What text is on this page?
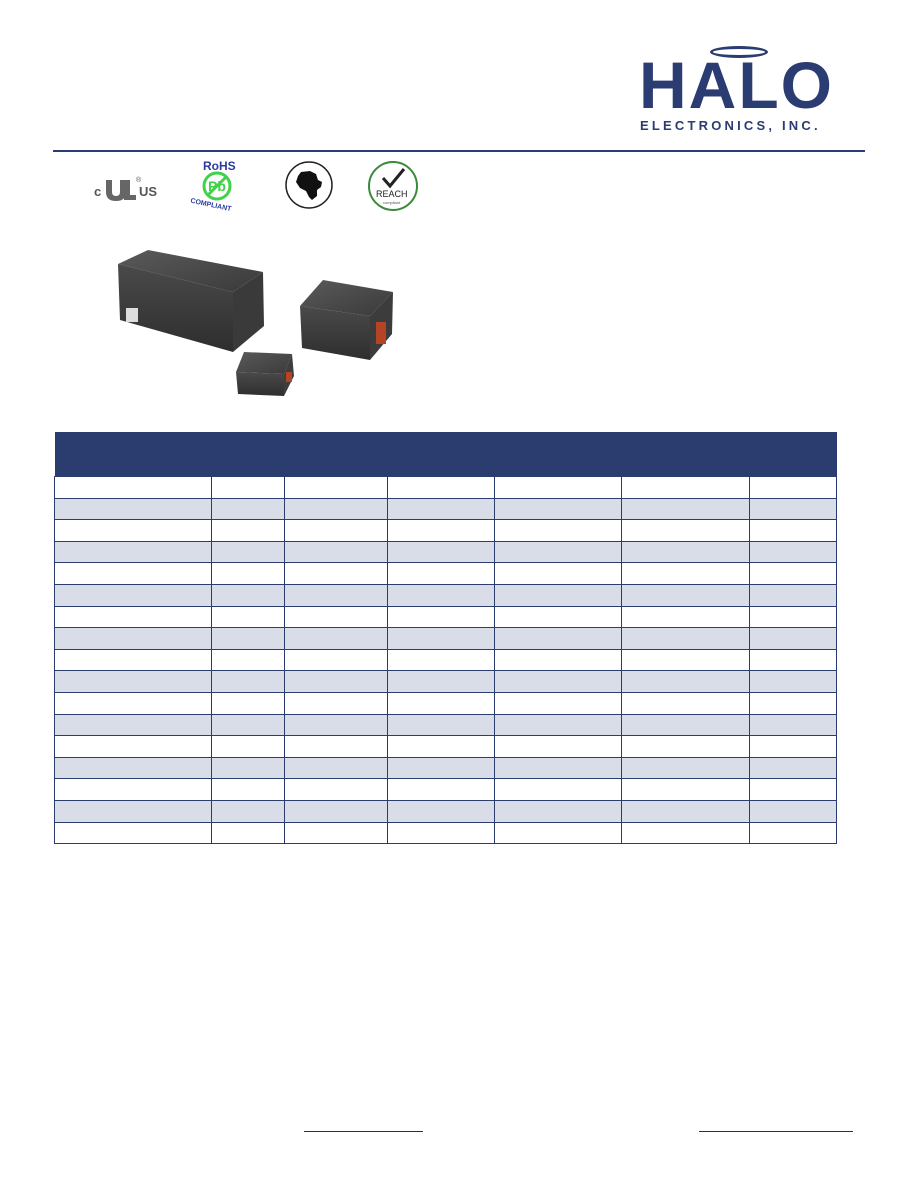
HALO
ELECTRONICS, INC.
c	US
®
RoHS
Pb
COMPLIANT
REACH
compliant
